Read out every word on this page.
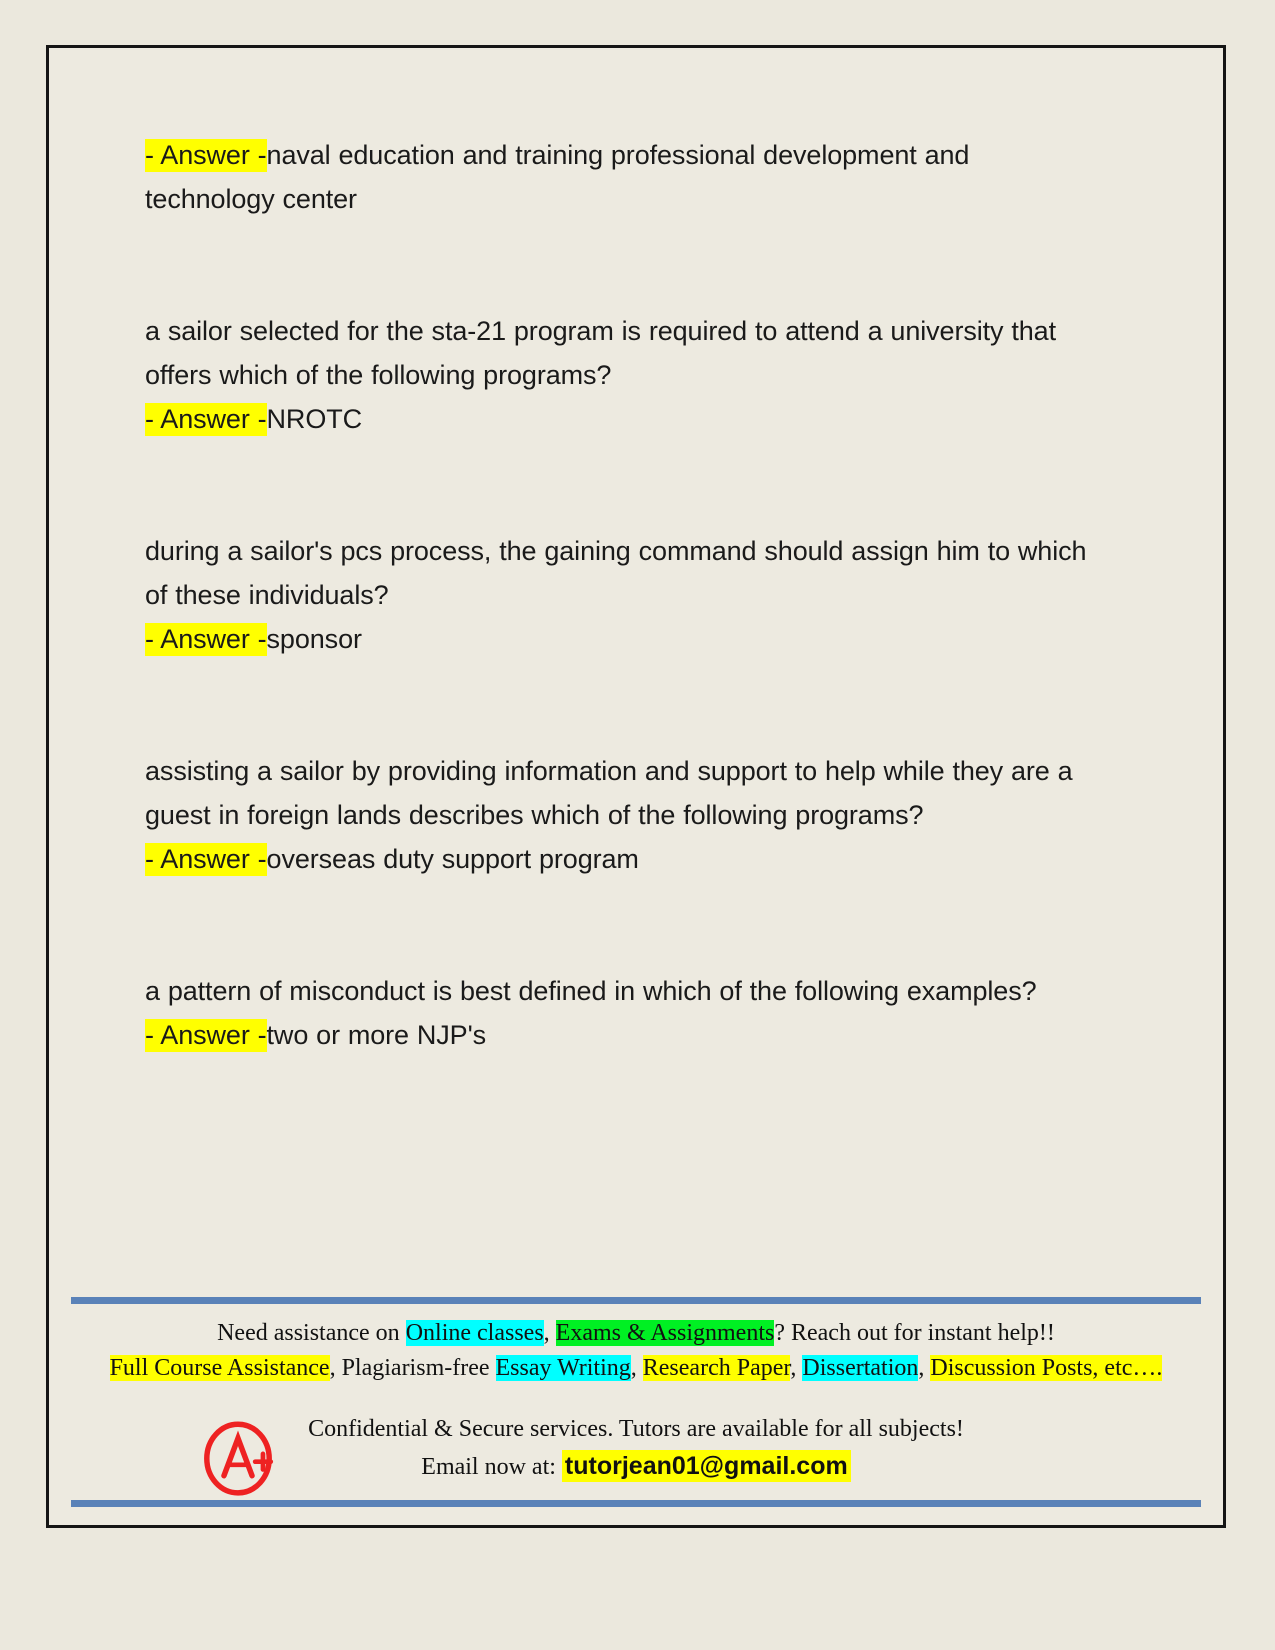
- Answer -naval education and training professional development and technology center
a sailor selected for the sta-21 program is required to attend a university that offers which of the following programs?
- Answer -NROTC
during a sailor's pcs process, the gaining command should assign him to which of these individuals?
- Answer -sponsor
assisting a sailor by providing information and support to help while they are a guest in foreign lands describes which of the following programs?
- Answer -overseas duty support program
a pattern of misconduct is best defined in which of the following examples?
- Answer -two or more NJP's
Need assistance on Online classes, Exams & Assignments? Reach out for instant help!!
Full Course Assistance, Plagiarism-free Essay Writing, Research Paper, Dissertation, Discussion Posts, etc….
Confidential & Secure services. Tutors are available for all subjects!
Email now at: tutorjean01@gmail.com
